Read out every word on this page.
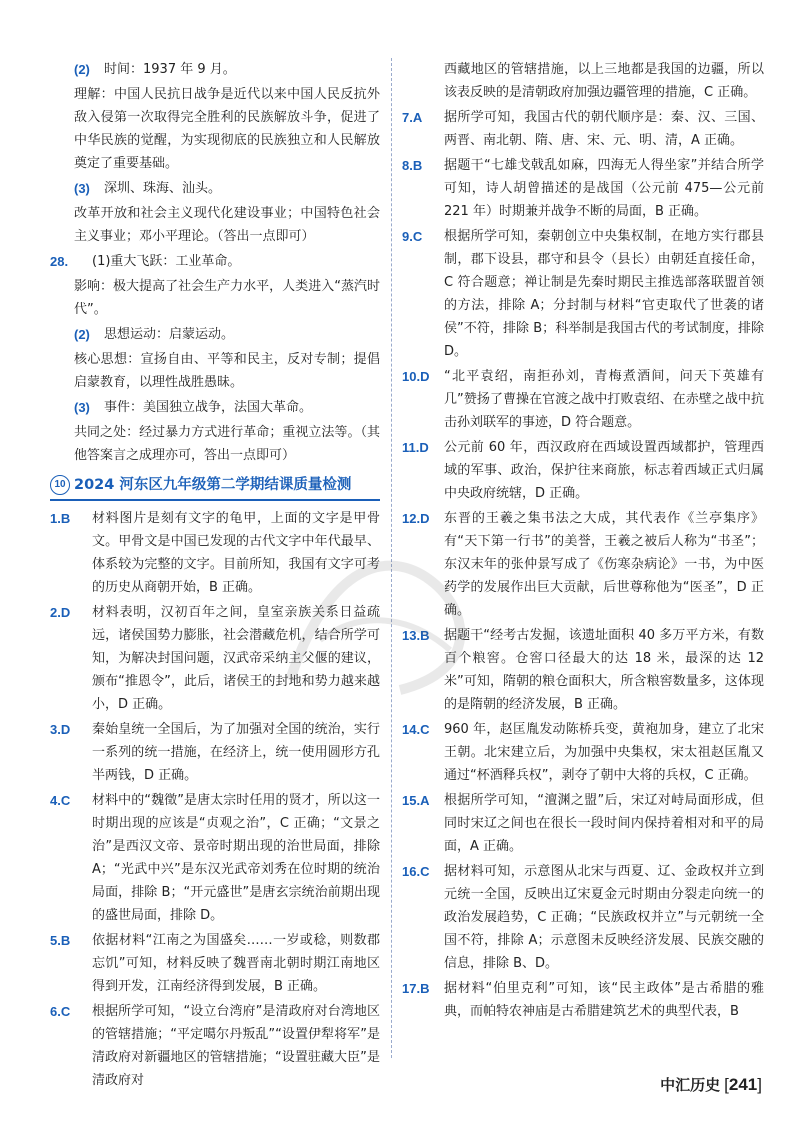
(2)	时间：1937 年 9 月。
理解：中国人民抗日战争是近代以来中国人民反抗外敌入侵第一次取得完全胜利的民族解放斗争，促进了中华民族的觉醒，为实现彻底的民族独立和人民解放奠定了重要基础。
(3)	深圳、珠海、汕头。
改革开放和社会主义现代化建设事业；中国特色社会主义事业；邓小平理论。（答出一点即可）
28.	(1)重大飞跃：工业革命。
影响：极大提高了社会生产力水平，人类进入“蒸汽时代”。
(2)	思想运动：启蒙运动。
核心思想：宣扬自由、平等和民主，反对专制；提倡启蒙教育，以理性战胜愚昧。
(3)	事件：美国独立战争，法国大革命。
共同之处：经过暴力方式进行革命；重视立法等。（其他答案言之成理亦可，答出一点即可）
10 2024 河东区九年级第二学期结课质量检测
1.B	材料图片是刻有文字的龟甲，上面的文字是甲骨文。甲骨文是中国已发现的古代文字中年代最早、体系较为完整的文字。目前所知，我国有文字可考的历史从商朝开始，B 正确。
2.D	材料表明，汉初百年之间，皇室亲族关系日益疏远，诸侯国势力膨胀，社会潜藏危机，结合所学可知，为解决封国问题，汉武帝采纳主父偃的建议，颁布“推恩令”，此后，诸侯王的封地和势力越来越小，D 正确。
3.D	秦始皇统一全国后，为了加强对全国的统治，实行一系列的统一措施，在经济上，统一使用圆形方孔半两钱，D 正确。
4.C	材料中的“魏徵”是唐太宗时任用的贤才，所以这一时期出现的应该是“贞观之治”，C 正确；“文景之治”是西汉文帝、景帝时期出现的治世局面，排除 A；“光武中兴”是东汉光武帝刘秀在位时期的统治局面，排除 B；“开元盛世”是唐玄宗统治前期出现的盛世局面，排除 D。
5.B	依据材料“江南之为国盛矣……一岁或稔，则数郡忘饥”可知，材料反映了魏晋南北朝时期江南地区得到开发，江南经济得到发展，B 正确。
6.C	根据所学可知，“设立台湾府”是清政府对台湾地区的管辖措施；“平定噶尔丹叛乱”“设置伊犁将军”是清政府对新疆地区的管辖措施；“设置驻藏大臣”是清政府对
西藏地区的管辖措施，以上三地都是我国的边疆，所以该表反映的是清朝政府加强边疆管理的措施，C 正确。
7.A	据所学可知，我国古代的朝代顺序是：秦、汉、三国、两晋、南北朝、隋、唐、宋、元、明、清，A 正确。
8.B	据题干“七雄戈戟乱如麻，四海无人得坐家”并结合所学可知，诗人胡曾描述的是战国（公元前 475—公元前 221 年）时期兼并战争不断的局面，B 正确。
9.C	根据所学可知，秦朝创立中央集权制，在地方实行郡县制，郡下设县，郡守和县令（县长）由朝廷直接任命，C 符合题意；禅让制是先秦时期民主推选部落联盟首领的方法，排除 A；分封制与材料“官吏取代了世袭的诸侯”不符，排除 B；科举制是我国古代的考试制度，排除 D。
10.D	“北平袁绍，南拒孙刘，青梅煮酒间，问天下英雄有几”赞扬了曹操在官渡之战中打败袁绍、在赤壁之战中抗击孙刘联军的事迹，D 符合题意。
11.D	公元前 60 年，西汉政府在西域设置西域都护，管理西域的军事、政治，保护往来商旅，标志着西域正式归属中央政府统辖，D 正确。
12.D	东晋的王羲之集书法之大成，其代表作《兰亭集序》有“天下第一行书”的美誉，王羲之被后人称为“书圣”；东汉末年的张仲景写成了《伤寒杂病论》一书，为中医药学的发展作出巨大贡献，后世尊称他为“医圣”，D 正确。
13.B	据题干“经考古发掘，该遗址面积 40 多万平方米，有数百个粮窖。仓窖口径最大的达 18 米，最深的达 12 米”可知，隋朝的粮仓面积大，所含粮窖数量多，这体现的是隋朝的经济发展，B 正确。
14.C	960 年，赵匡胤发动陈桥兵变，黄袍加身，建立了北宋王朝。北宋建立后，为加强中央集权，宋太祖赵匡胤又通过“杯酒释兵权”，剥夺了朝中大将的兵权，C 正确。
15.A	根据所学可知，“澶渊之盟”后，宋辽对峙局面形成，但同时宋辽之间也在很长一段时间内保持着相对和平的局面，A 正确。
16.C	据材料可知，示意图从北宋与西夏、辽、金政权并立到元统一全国，反映出辽宋夏金元时期由分裂走向统一的政治发展趋势，C 正确；“民族政权并立”与元朝统一全国不符，排除 A；示意图未反映经济发展、民族交融的信息，排除 B、D。
17.B	据材料“伯里克利”可知，该“民主政体”是古希腊的雅典，而帕特农神庙是古希腊建筑艺术的典型代表，B
中汇历史 [241]
